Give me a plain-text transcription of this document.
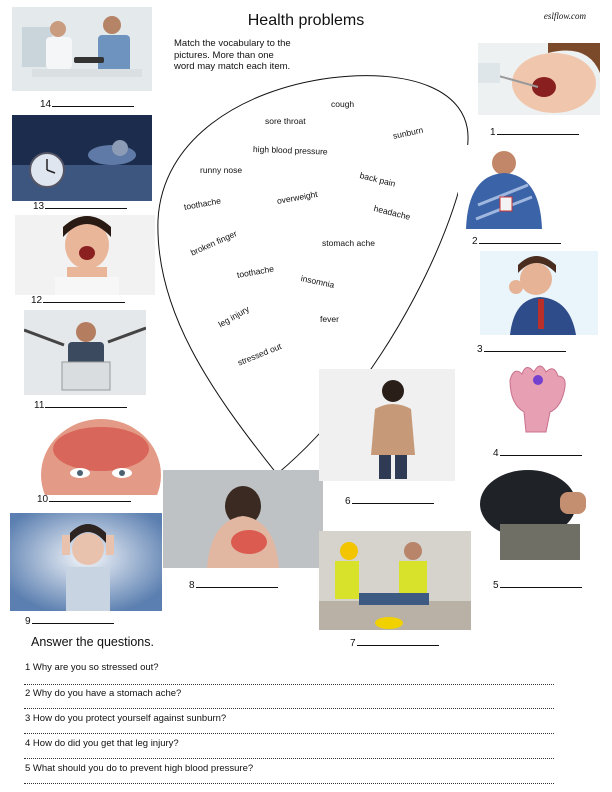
Health problems	eslflow.com
Match the vocabulary to the pictures. More than one word may match each item.
cough
sore throat
sunburn
high blood pressure
runny nose
back pain
toothache	overweight
headache
broken finger	stomach ache
toothache
insomnia
leg injury	fever
stressed out
14
13
12
11
10
9
8
6
7
1
2
3
4
5
Answer the questions.
1 Why are you so stressed out?
2 Why do you have a stomach ache?
3 How do you protect yourself against sunburn?
4 How do did you get that leg injury?
5 What should you do to prevent high blood pressure?
